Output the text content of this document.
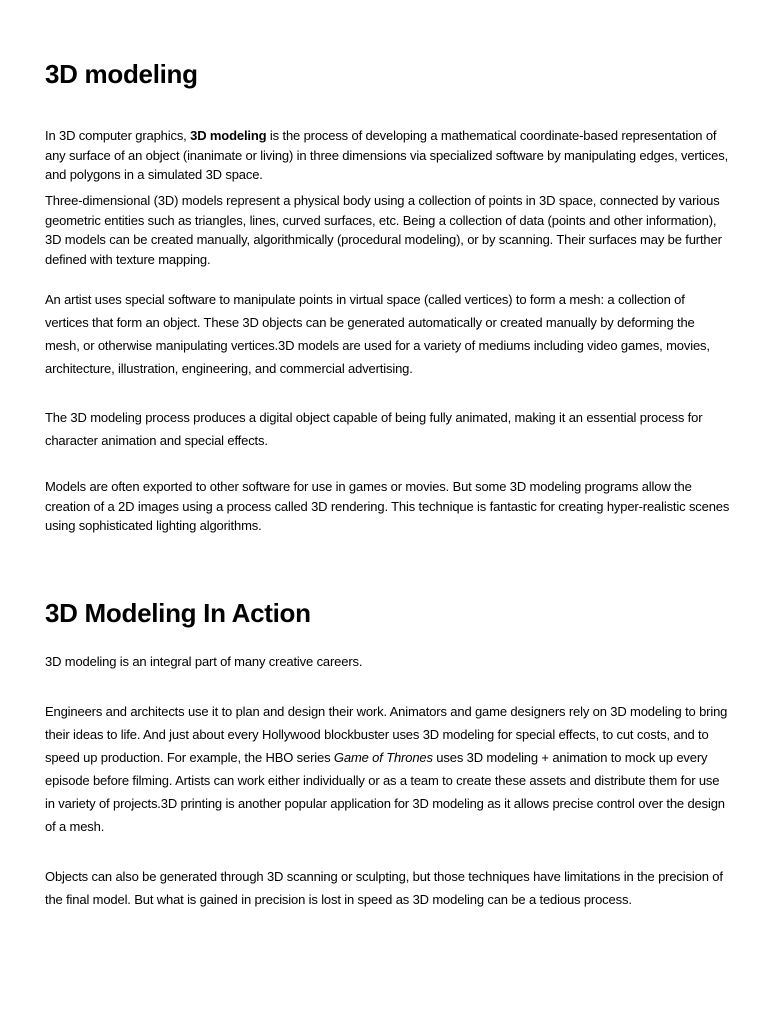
3D modeling

In 3D computer graphics, 3D modeling is the process of developing a mathematical coordinate-based representation of any surface of an object (inanimate or living) in three dimensions via specialized software by manipulating edges, vertices, and polygons in a simulated 3D space.

Three-dimensional (3D) models represent a physical body using a collection of points in 3D space, connected by various geometric entities such as triangles, lines, curved surfaces, etc. Being a collection of data (points and other information), 3D models can be created manually, algorithmically (procedural modeling), or by scanning. Their surfaces may be further defined with texture mapping.

An artist uses special software to manipulate points in virtual space (called vertices) to form a mesh: a collection of vertices that form an object. These 3D objects can be generated automatically or created manually by deforming the mesh, or otherwise manipulating vertices.3D models are used for a variety of mediums including video games, movies, architecture, illustration, engineering, and commercial advertising.

The 3D modeling process produces a digital object capable of being fully animated, making it an essential process for character animation and special effects.

Models are often exported to other software for use in games or movies. But some 3D modeling programs allow the creation of a 2D images using a process called 3D rendering. This technique is fantastic for creating hyper-realistic scenes using sophisticated lighting algorithms.

3D Modeling In Action

3D modeling is an integral part of many creative careers.

Engineers and architects use it to plan and design their work. Animators and game designers rely on 3D modeling to bring their ideas to life. And just about every Hollywood blockbuster uses 3D modeling for special effects, to cut costs, and to speed up production. For example, the HBO series Game of Thrones uses 3D modeling + animation to mock up every episode before filming. Artists can work either individually or as a team to create these assets and distribute them for use in variety of projects.3D printing is another popular application for 3D modeling as it allows precise control over the design of a mesh.

Objects can also be generated through 3D scanning or sculpting, but those techniques have limitations in the precision of the final model. But what is gained in precision is lost in speed as 3D modeling can be a tedious process.
